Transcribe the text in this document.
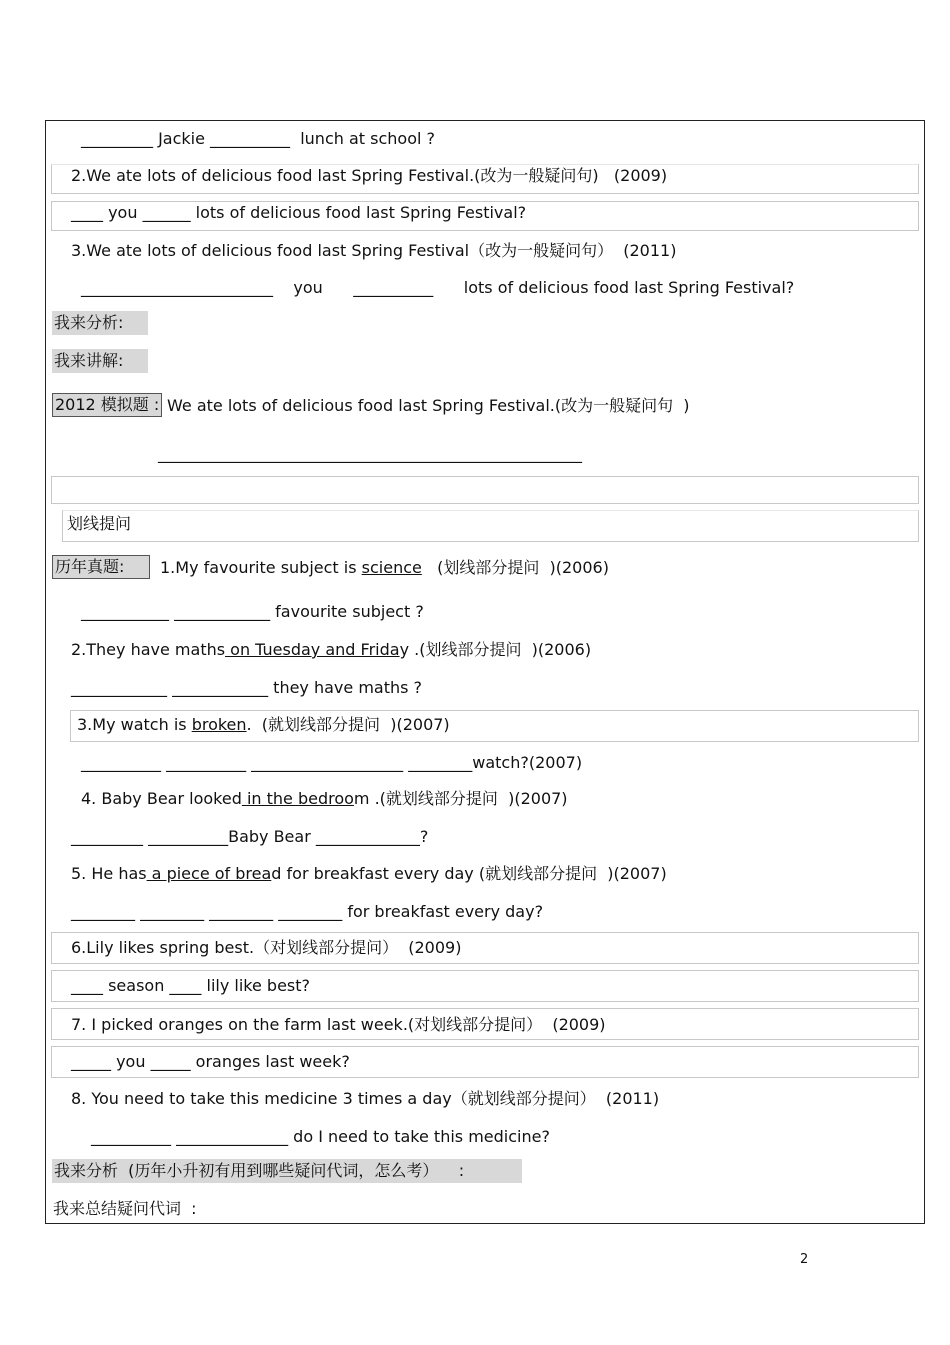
_________ Jackie __________  lunch at school ?
2.We ate lots of delicious food last Spring Festival.(改为一般疑问句)   (2009)
____ you ______ lots of delicious food last Spring Festival?
3.We ate lots of delicious food last Spring Festival（改为一般疑问句）  (2011)
________________________    you      __________      lots of delicious food last Spring Festival?
我来分析:
我来讲解:
2012 模拟题 : We ate lots of delicious food last Spring Festival.(改为一般疑问句  )
_____________________________________________________
划线提问
历年真题:	1.My favourite subject is science   (划线部分提问  )(2006)
___________ ____________ favourite subject ?
2.They have maths on Tuesday and Friday .(划线部分提问  )(2006)
____________ ____________ they have maths ?
3.My watch is broken.  (就划线部分提问  )(2007)
__________ __________ ___________________ ________watch?(2007)
4. Baby Bear looked in the bedroom .(就划线部分提问  )(2007)
_________ __________Baby Bear _____________?
5. He has a piece of bread for breakfast every day (就划线部分提问  )(2007)
________ ________ ________ ________ for breakfast every day?
6.Lily likes spring best.（对划线部分提问）  (2009)
____ season ____ lily like best?
7. I picked oranges on the farm last week.(对划线部分提问）  (2009)
_____ you _____ oranges last week?
8. You need to take this medicine 3 times a day（就划线部分提问）  (2011)
__________ ______________ do I need to take this medicine?
我来分析  (历年小升初有用到哪些疑问代词，怎么考）    :
我来总结疑问代词  :
2
